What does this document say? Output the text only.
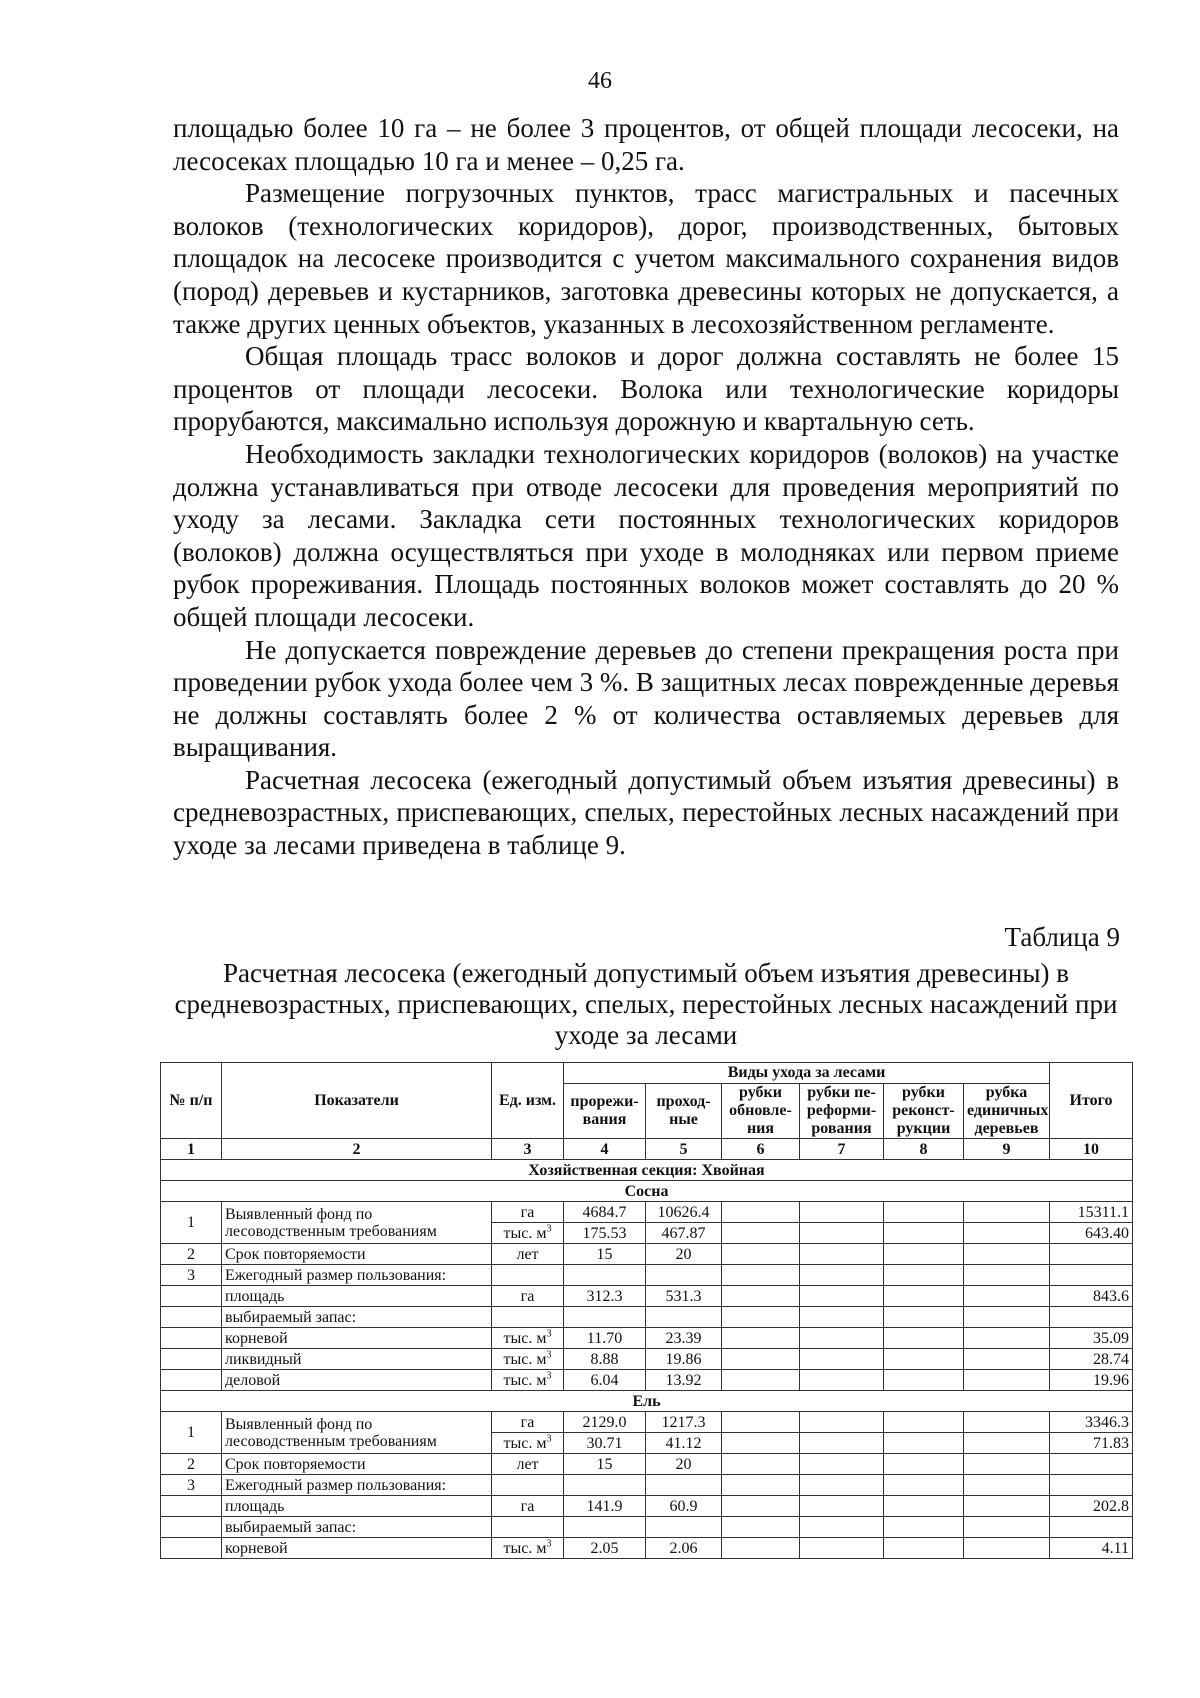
46

площадью более 10 га – не более 3 процентов, от общей площади лесосеки, на лесосеках площадью 10 га и менее – 0,25 га.

Размещение погрузочных пунктов, трасс магистральных и пасечных волоков (технологических коридоров), дорог, производственных, бытовых площадок на лесосеке производится с учетом максимального сохранения видов (пород) деревьев и кустарников, заготовка древесины которых не допускается, а также других ценных объектов, указанных в лесохозяйственном регламенте.

Общая площадь трасс волоков и дорог должна составлять не более 15 процентов от площади лесосеки. Волока или технологические коридоры прорубаются, максимально используя дорожную и квартальную сеть.

Необходимость закладки технологических коридоров (волоков) на участке должна устанавливаться при отводе лесосеки для проведения мероприятий по уходу за лесами. Закладка сети постоянных технологических коридоров (волоков) должна осуществляться при уходе в молодняках или первом приеме рубок прореживания. Площадь постоянных волоков может составлять до 20 % общей площади лесосеки.

Не допускается повреждение деревьев до степени прекращения роста при проведении рубок ухода более чем 3 %. В защитных лесах поврежденные деревья не должны составлять более 2 % от количества оставляемых деревьев для выращивания.

Расчетная лесосека (ежегодный допустимый объем изъятия древесины) в средневозрастных, приспевающих, спелых, перестойных лесных насаждений при уходе за лесами приведена в таблице 9.

Таблица 9
Расчетная лесосека (ежегодный допустимый объем изъятия древесины) в средневозрастных, приспевающих, спелых, перестойных лесных насаждений при уходе за лесами
№ п/п	Показатели	Ед. изм.	Виды ухода за лесами						Итого
			прорежи-вания	проход-ные	рубки обновле-ния	рубки пе-реформи-рования	рубки реконст-рукции	рубка единичных деревьев	
1	2	3	4	5	6	7	8	9	10
Хозяйственная секция: Хвойная									
Сосна									
1	Выявленный фонд по лесоводственным требованиям	га	4684.7	10626.4					15311.1
		тыс. $м^3$	175.53	467.87					643.40
2	Срок повторяемости	лет	15	20					
3	Ежегодный размер пользования:								
	площадь	га	312.3	531.3					843.6
	выбираемый запас:								
	корневой	тыс. $м^3$	11.70	23.39					35.09
	ликвидный	тыс. $м^3$	8.88	19.86					28.74
	деловой	тыс. $м^3$	6.04	13.92					19.96
Ель									
1	Выявленный фонд по лесоводственным требованиям	га	2129.0	1217.3					3346.3
		тыс. $м^3$	30.71	41.12					71.83
2	Срок повторяемости	лет	15	20					
3	Ежегодный размер пользования:								
	площадь	га	141.9	60.9					202.8
	выбираемый запас:								
	корневой	тыс. $м^3$	2.05	2.06					4.11
